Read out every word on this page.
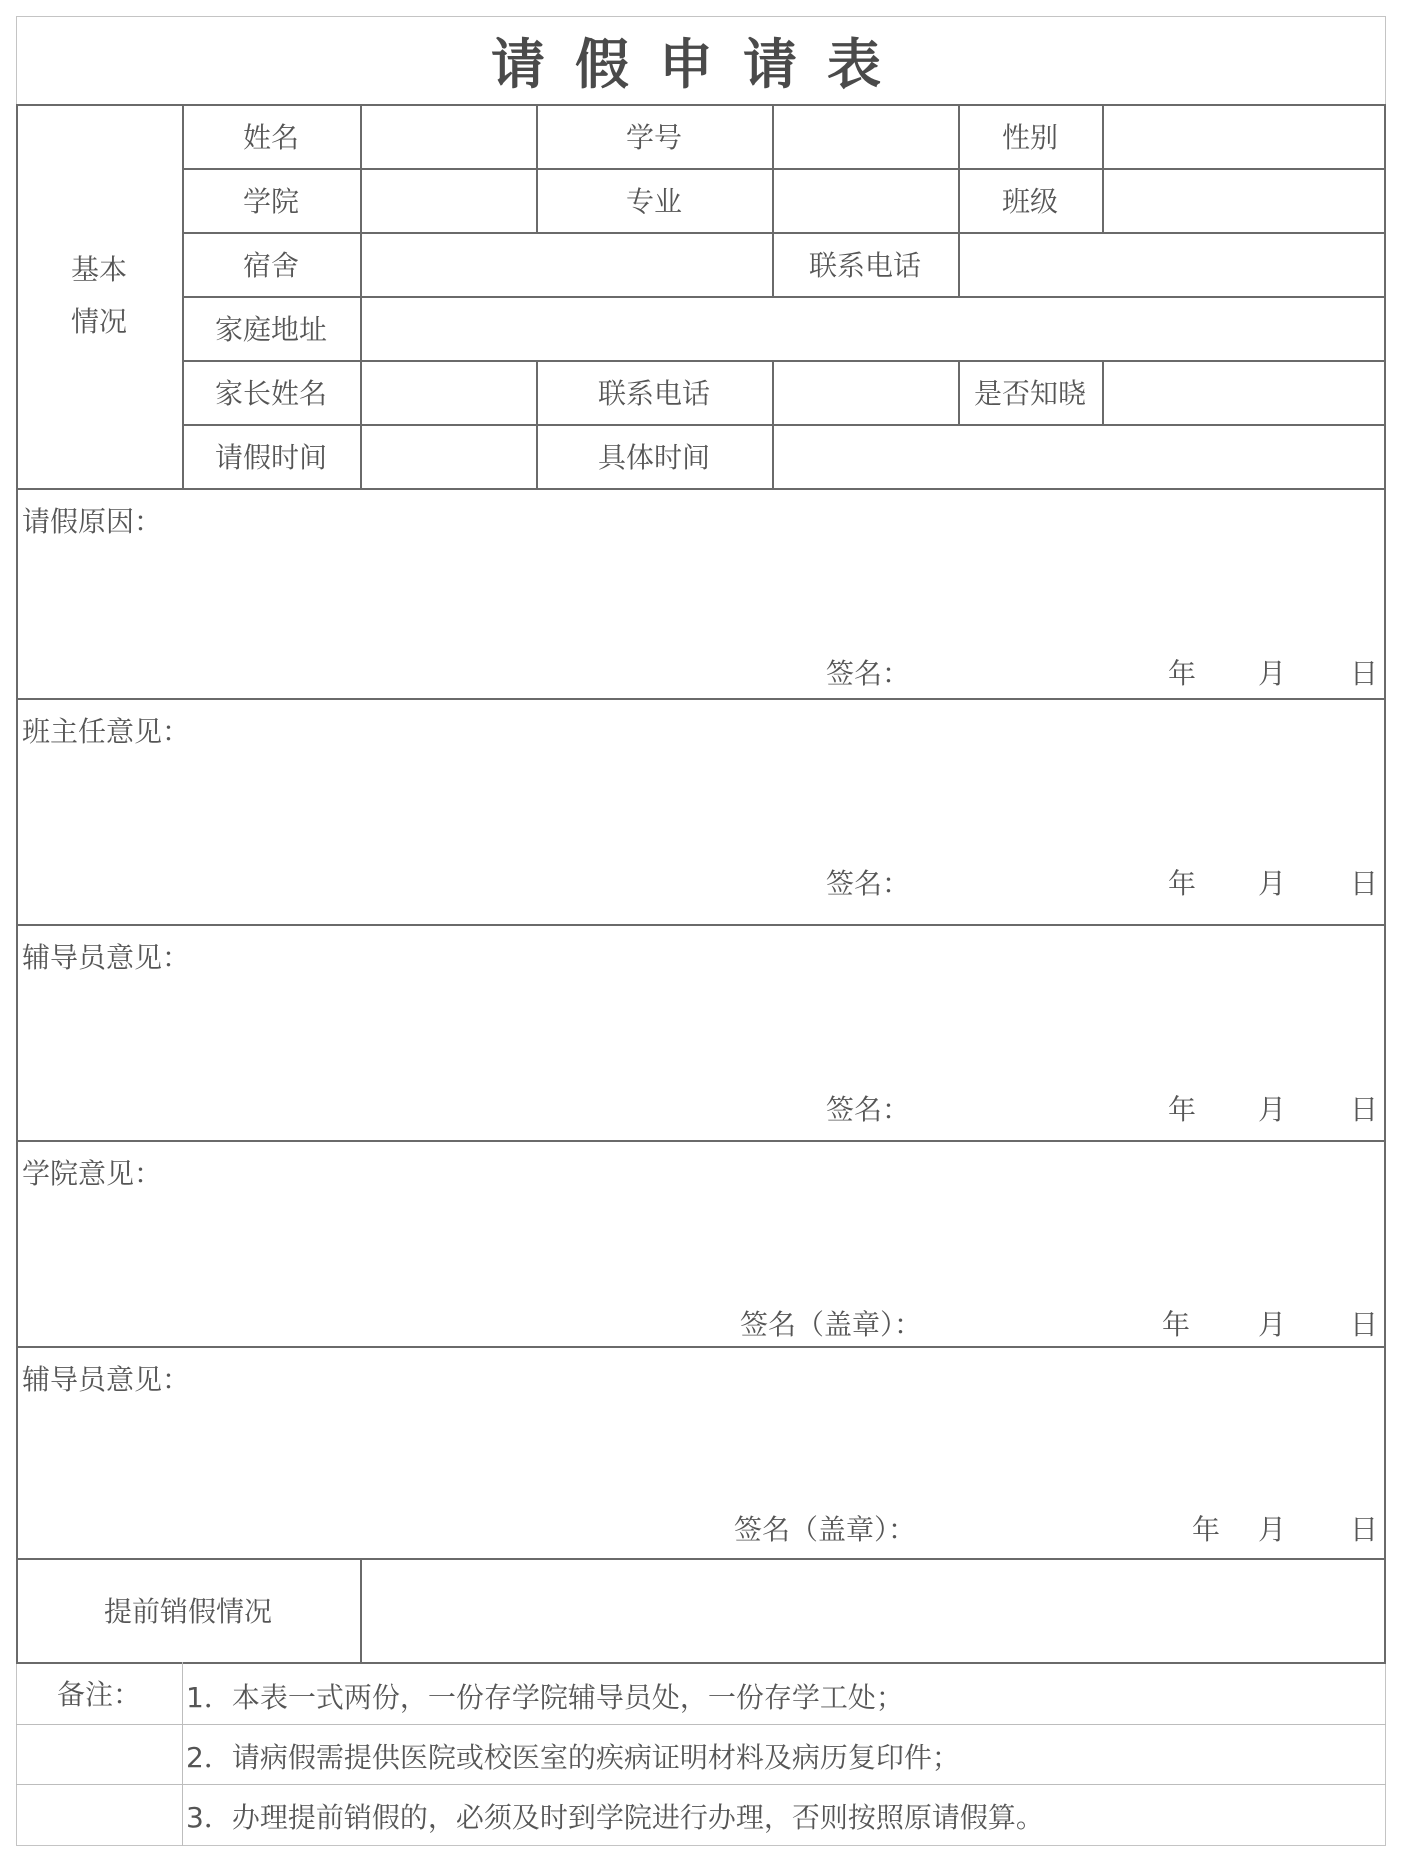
请假申请表
基本
情况
姓名	学号	性别
学院	专业	班级
宿舍	联系电话
家庭地址
家长姓名	联系电话	是否知晓
请假时间	具体时间
请假原因：
签名：	年 月 日
班主任意见：
签名：	年 月 日
辅导员意见：
签名：	年 月 日
学院意见：
签名（盖章）：	年 月 日
辅导员意见：
签名（盖章）：	年 月 日
提前销假情况
备注：	1．本表一式两份，一份存学院辅导员处，一份存学工处；
2．请病假需提供医院或校医室的疾病证明材料及病历复印件；
3．办理提前销假的，必须及时到学院进行办理，否则按照原请假算。
